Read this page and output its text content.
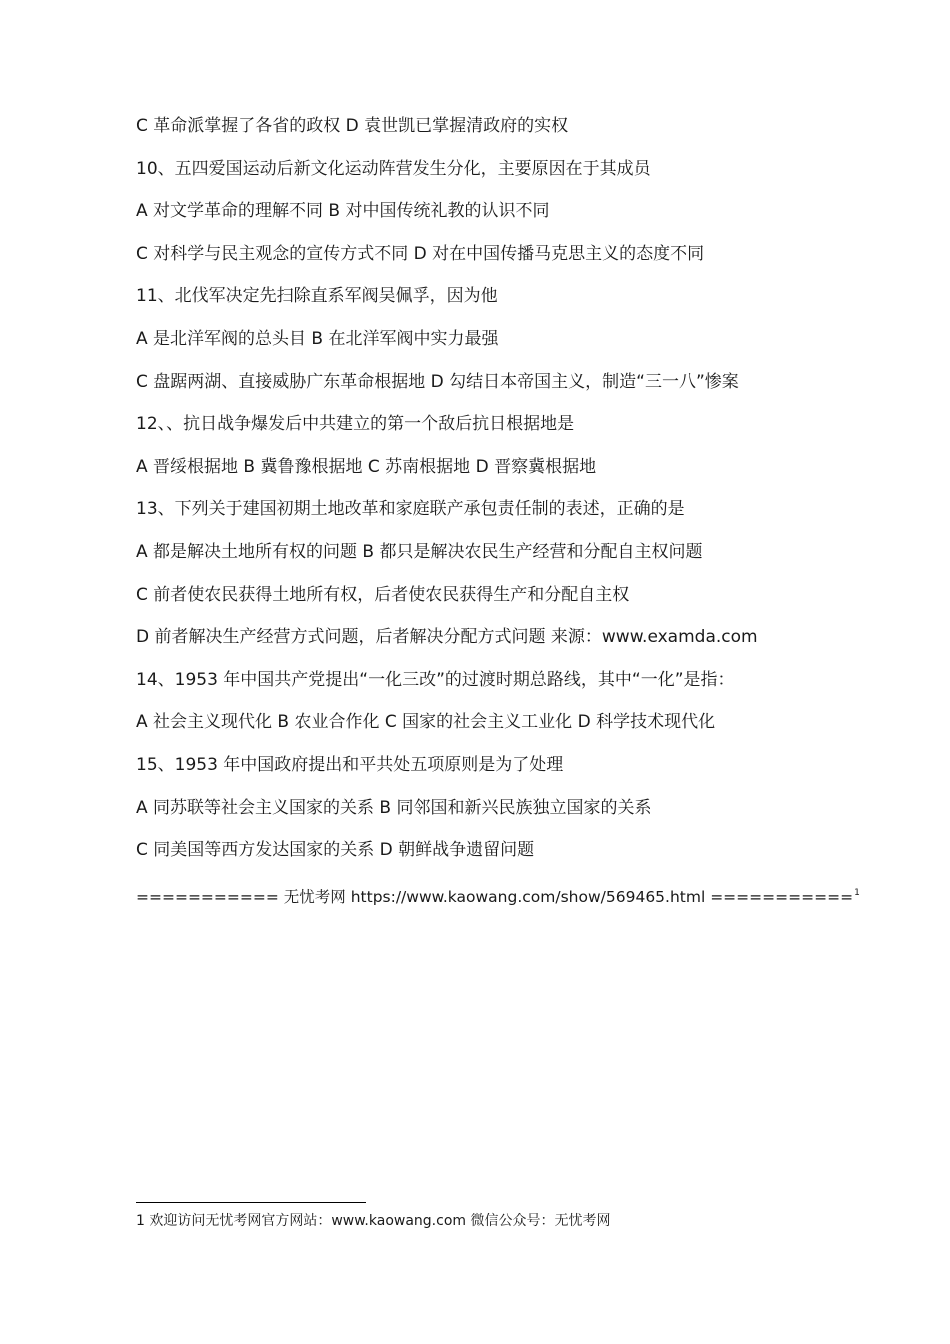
C 革命派掌握了各省的政权 D 袁世凯已掌握清政府的实权
10、五四爱国运动后新文化运动阵营发生分化，主要原因在于其成员
A 对文学革命的理解不同 B 对中国传统礼教的认识不同
C 对科学与民主观念的宣传方式不同 D 对在中国传播马克思主义的态度不同
11、北伐军决定先扫除直系军阀吴佩孚，因为他
A 是北洋军阀的总头目 B 在北洋军阀中实力最强
C 盘踞两湖、直接威胁广东革命根据地 D 勾结日本帝国主义，制造“三一八”惨案
12、、抗日战争爆发后中共建立的第一个敌后抗日根据地是
A 晋绥根据地 B 冀鲁豫根据地 C 苏南根据地 D 晋察冀根据地
13、下列关于建国初期土地改革和家庭联产承包责任制的表述，正确的是
A 都是解决土地所有权的问题 B 都只是解决农民生产经营和分配自主权问题
C 前者使农民获得土地所有权，后者使农民获得生产和分配自主权
D 前者解决生产经营方式问题，后者解决分配方式问题 来源：www.examda.com
14、1953 年中国共产党提出“一化三改”的过渡时期总路线，其中“一化”是指：
A 社会主义现代化 B 农业合作化 C 国家的社会主义工业化 D 科学技术现代化
15、1953 年中国政府提出和平共处五项原则是为了处理
A 同苏联等社会主义国家的关系 B 同邻国和新兴民族独立国家的关系
C 同美国等西方发达国家的关系 D 朝鲜战争遗留问题
=========== 无忧考网 https://www.kaowang.com/show/569465.html ===========$^1$
1 欢迎访问无忧考网官方网站：www.kaowang.com 微信公众号：无忧考网
